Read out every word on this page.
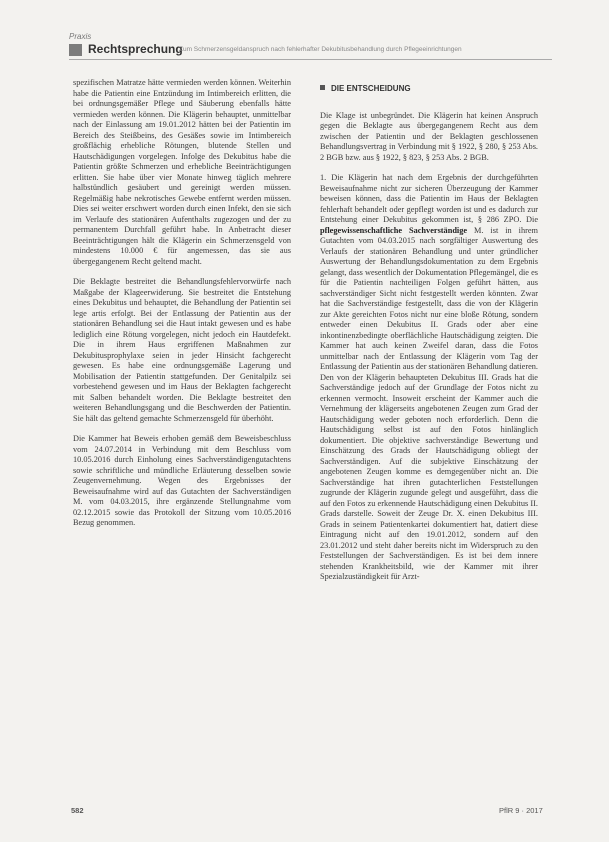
Praxis
Rechtsprechung
Zum Schmerzensgeldanspruch nach fehlerhafter Dekubitusbehandlung durch Pflegeeinrichtungen

spezifischen Matratze hätte vermieden werden können. Weiterhin habe die Patientin eine Entzündung im Intimbereich erlitten, die bei ordnungsgemäßer Pflege und Säuberung ebenfalls hätte vermieden werden können. Die Klägerin behauptet, unmittelbar nach der Einlassung am 19.01.2012 hätten bei der Patientin im Bereich des Steißbeins, des Gesäßes sowie im Intimbereich großflächig erhebliche Rötungen, blutende Stellen und Hautschädigungen vorgelegen. Infolge des Dekubitus habe die Patientin größte Schmerzen und erhebliche Beeinträchtigungen erlitten. Sie habe über vier Monate hinweg täglich mehrere halbstündlich gesäubert und gereinigt werden müssen. Regelmäßig habe nekrotisches Gewebe entfernt werden müssen. Dies sei weiter erschwert worden durch einen Infekt, den sie sich im Verlaufe des stationären Aufenthalts zugezogen und der zu permanentem Durchfall geführt habe. In Anbetracht dieser Beeinträchtigungen hält die Klägerin ein Schmerzensgeld von mindestens 10.000 € für angemessen, das sie aus übergegangenem Recht geltend macht.

Die Beklagte bestreitet die Behandlungsfehlervorwürfe nach Maßgabe der Klageerwiderung. Sie bestreitet die Entstehung eines Dekubitus und behauptet, die Behandlung der Patientin sei lege artis erfolgt. Bei der Entlassung der Patientin aus der stationären Behandlung sei die Haut intakt gewesen und es habe lediglich eine Rötung vorgelegen, nicht jedoch ein Hautdefekt. Die in ihrem Haus ergriffenen Maßnahmen zur Dekubitusprophylaxe seien in jeder Hinsicht fachgerecht gewesen. Es habe eine ordnungsgemäße Lagerung und Mobilisation der Patientin stattgefunden. Der Genitalpilz sei vorbestehend gewesen und im Haus der Beklagten fachgerecht mit Salben behandelt worden. Die Beklagte bestreitet den weiteren Behandlungsgang und die Beschwerden der Patientin. Sie hält das geltend gemachte Schmerzensgeld für überhöht.

Die Kammer hat Beweis erhoben gemäß dem Beweisbeschluss vom 24.07.2014 in Verbindung mit dem Beschluss vom 10.05.2016 durch Einholung eines Sachverständigengutachtens sowie schriftliche und mündliche Erläuterung desselben sowie Zeugenvernehmung. Wegen des Ergebnisses der Beweisaufnahme wird auf das Gutachten der Sachverständigen M. vom 04.03.2015, ihre ergänzende Stellungnahme vom 02.12.2015 sowie das Protokoll der Sitzung vom 10.05.2016 Bezug genommen.

DIE ENTSCHEIDUNG

Die Klage ist unbegründet. Die Klägerin hat keinen Anspruch gegen die Beklagte aus übergegangenem Recht aus dem zwischen der Patientin und der Beklagten geschlossenen Behandlungsvertrag in Verbindung mit § 1922, § 280, § 253 Abs. 2 BGB bzw. aus § 1922, § 823, § 253 Abs. 2 BGB.

1. Die Klägerin hat nach dem Ergebnis der durchgeführten Beweisaufnahme nicht zur sicheren Überzeugung der Kammer beweisen können, dass die Patientin im Haus der Beklagten fehlerhaft behandelt oder gepflegt worden ist und es dadurch zur Entstehung einer Dekubitus gekommen ist, § 286 ZPO. Die pflegewissenschaftliche Sachverständige M. ist in ihrem Gutachten vom 04.03.2015 nach sorgfältiger Auswertung des Verlaufs der stationären Behandlung und unter gründlicher Auswertung der Behandlungsdokumentation zu dem Ergebnis gelangt, dass wesentlich der Dokumentation Pflegemängel, die es für die Patientin nachteiligen Folgen geführt hätten, aus sachverständiger Sicht nicht festgestellt werden könnten. Zwar hat die Sachverständige festgestellt, dass die von der Klägerin zur Akte gereichten Fotos nicht nur eine bloße Rötung, sondern entweder einen Dekubitus II. Grads oder aber eine inkontinenzbedingte oberflächliche Hautschädigung zeigten. Die Kammer hat auch keinen Zweifel daran, dass die Fotos unmittelbar nach der Entlassung der Klägerin vom Tag der Entlassung der Patientin aus der stationären Behandlung datieren. Den von der Klägerin behaupteten Dekubitus III. Grads hat die Sachverständige jedoch auf der Grundlage der Fotos nicht zu erkennen vermocht. Insoweit erscheint der Kammer auch die Vernehmung der klägerseits angebotenen Zeugen zum Grad der Hautschädigung weder geboten noch erforderlich. Denn die Hautschädigung selbst ist auf den Fotos hinlänglich dokumentiert. Die objektive sachverständige Bewertung und Einschätzung des Grads der Hautschädigung obliegt der Sachverständigen. Auf die subjektive Einschätzung der angebotenen Zeugen komme es demgegenüber nicht an. Die Sachverständige hat ihren gutachterlichen Feststellungen zugrunde der Klägerin zugunde gelegt und ausgeführt, dass die auf den Fotos zu erkennende Hautschädigung einen Dekubitus II. Grads darstelle. Soweit der Zeuge Dr. X. einen Dekubitus III. Grads in seinem Patientenkartei dokumentiert hat, datiert diese Eintragung nicht auf den 19.01.2012, sondern auf den 23.01.2012 und steht daher bereits nicht im Widerspruch zu den Feststellungen der Sachverständigen. Es ist bei dem innere stehenden Krankheitsbild, wie der Kammer mit ihrer Spezialzuständigkeit für Arzt-

582	PflR 9 · 2017
